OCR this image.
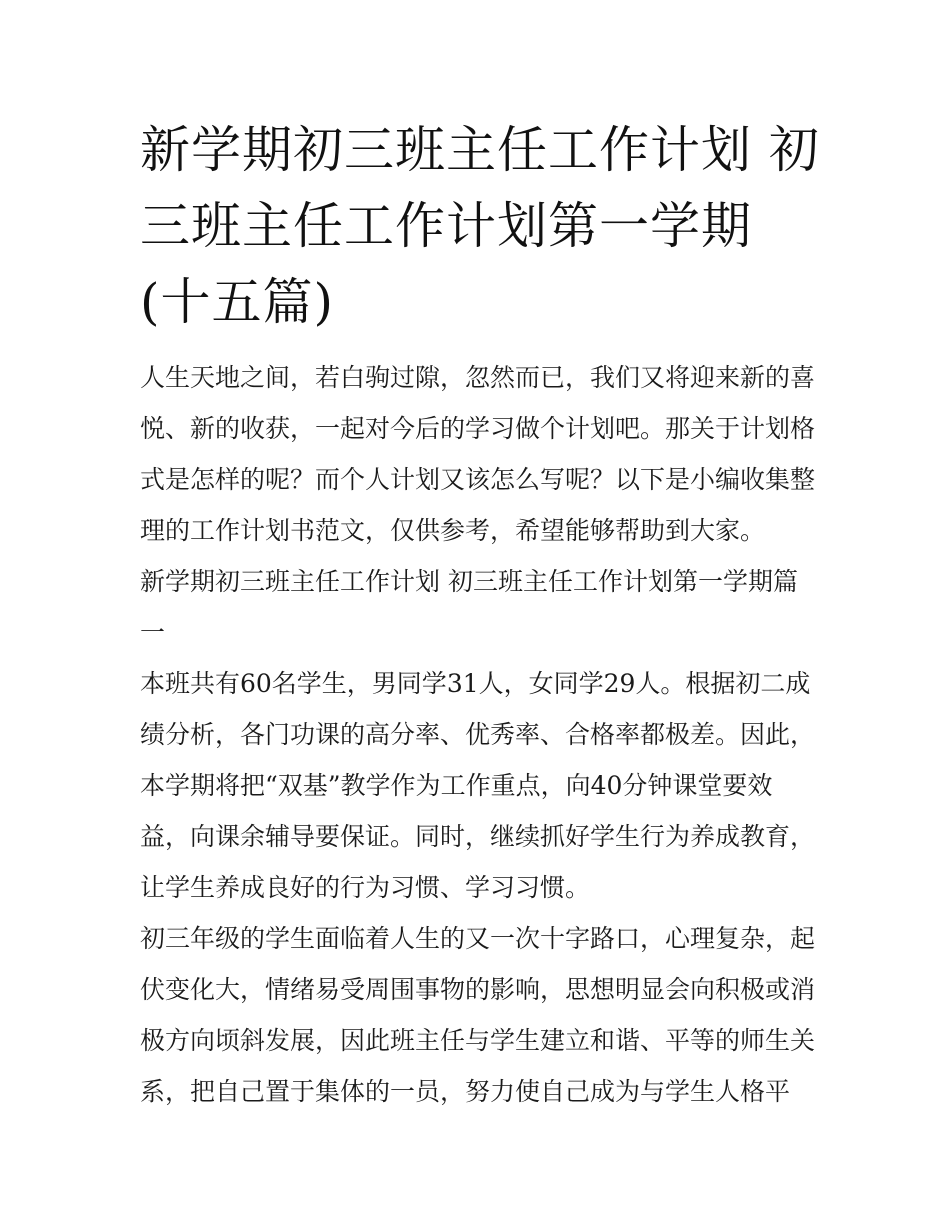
新学期初三班主任工作计划 初三班主任工作计划第一学期(十五篇)

人生天地之间，若白驹过隙，忽然而已，我们又将迎来新的喜悦、新的收获，一起对今后的学习做个计划吧。那关于计划格式是怎样的呢？而个人计划又该怎么写呢？以下是小编收集整理的工作计划书范文，仅供参考，希望能够帮助到大家。

新学期初三班主任工作计划 初三班主任工作计划第一学期篇一

本班共有60名学生，男同学31人，女同学29人。根据初二成绩分析，各门功课的高分率、优秀率、合格率都极差。因此，本学期将把“双基”教学作为工作重点，向40分钟课堂要效益，向课余辅导要保证。同时，继续抓好学生行为养成教育，让学生养成良好的行为习惯、学习习惯。

初三年级的学生面临着人生的又一次十字路口，心理复杂，起伏变化大，情绪易受周围事物的影响，思想明显会向积极或消极方向顷斜发展，因此班主任与学生建立和谐、平等的师生关系，把自己置于集体的一员，努力使自己成为与学生人格平
